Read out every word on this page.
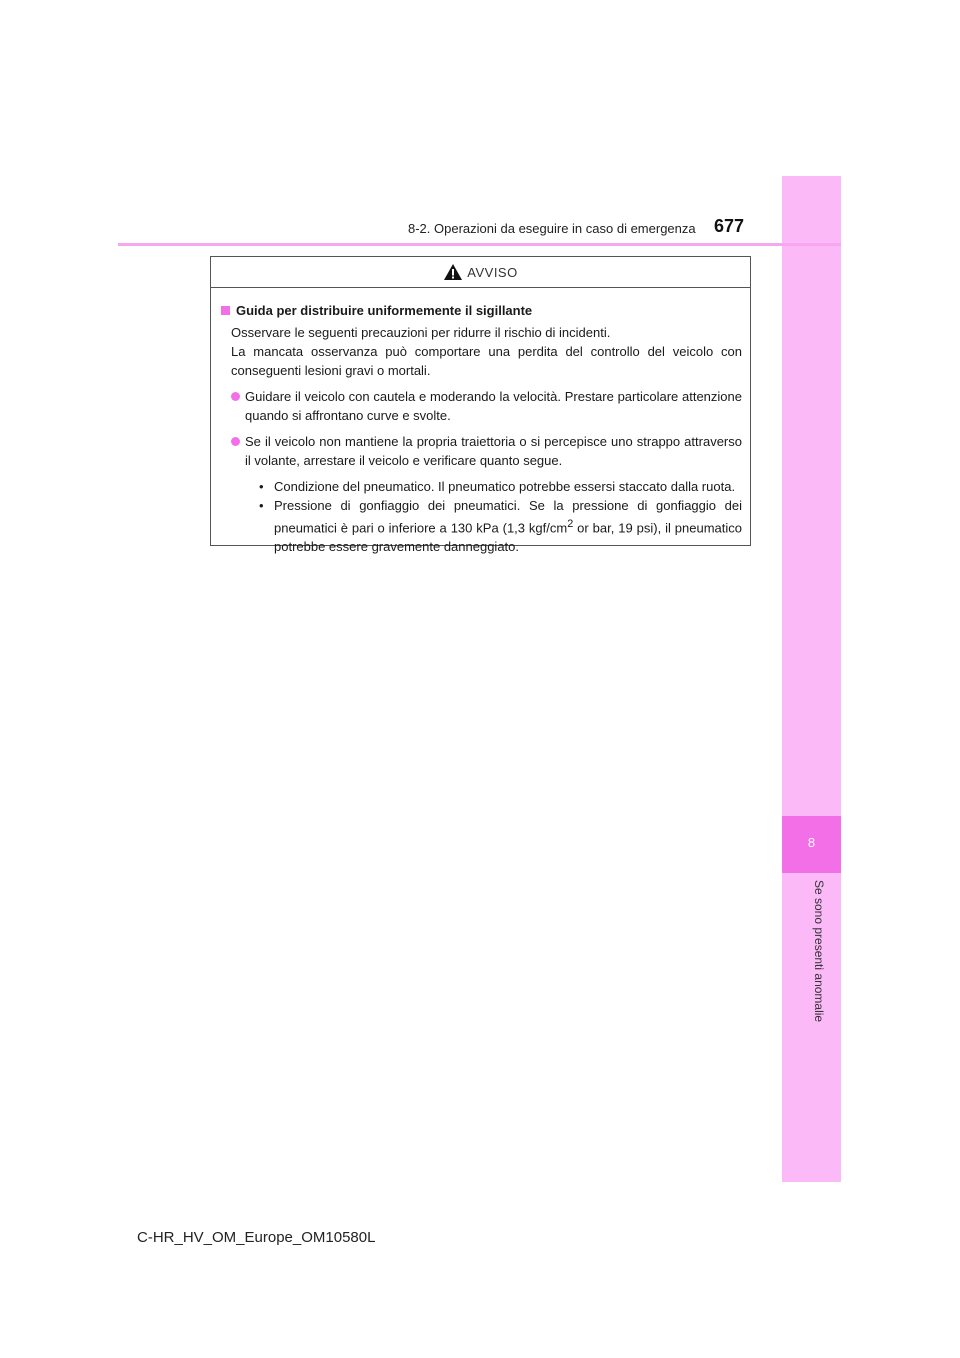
8
Se sono presenti anomalie
8-2. Operazioni da eseguire in caso di emergenza 677
AVVISO
Guida per distribuire uniformemente il sigillante
Osservare le seguenti precauzioni per ridurre il rischio di incidenti.
La mancata osservanza può comportare una perdita del controllo del veicolo con conseguenti lesioni gravi o mortali.
Guidare il veicolo con cautela e moderando la velocità. Prestare particolare attenzione quando si affrontano curve e svolte.
Se il veicolo non mantiene la propria traiettoria o si percepisce uno strappo attraverso il volante, arrestare il veicolo e verificare quanto segue.
• Condizione del pneumatico. Il pneumatico potrebbe essersi staccato dalla ruota.
• Pressione di gonfiaggio dei pneumatici. Se la pressione di gonfiaggio dei pneumatici è pari o inferiore a 130 kPa (1,3 kgf/$cm^2$ or bar, 19 psi), il pneumatico potrebbe essere gravemente danneggiato.
C-HR_HV_OM_Europe_OM10580L
